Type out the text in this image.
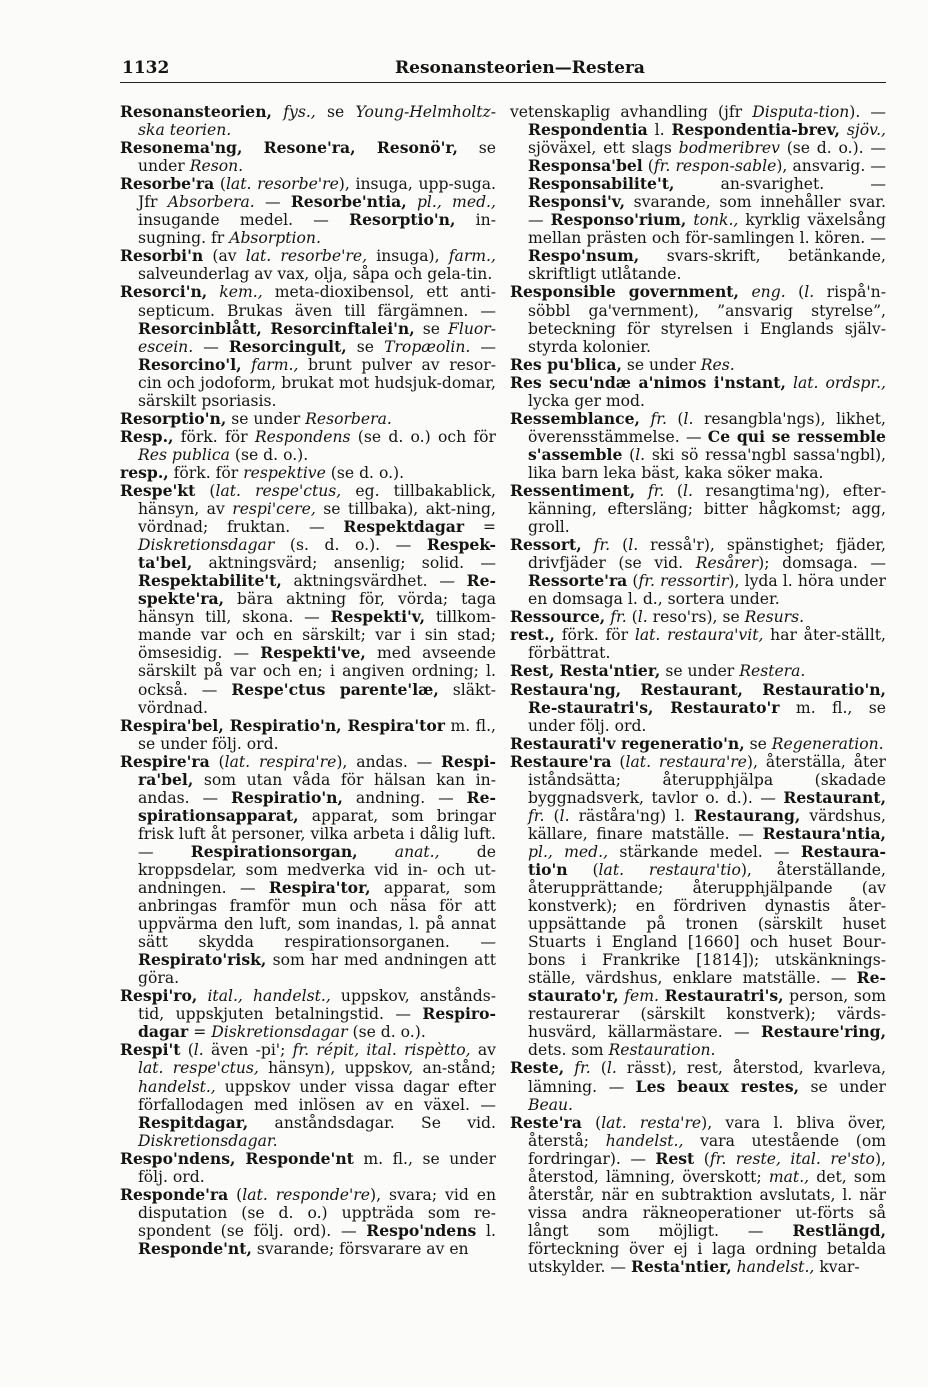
1132	Resonansteorien—Restera

Resonansteorien, fys., se Young-Helmholtz-ska teorien.

Resonema'ng, Resone'ra, Resonö'r, se under Reson.

Resorbe'ra (lat. resorbe're), insuga, upp-suga. Jfr Absorbera. — Resorbe'ntia, pl., med., insugande medel. — Resorptio'n, in-sugning. fr Absorption.

Resorbi'n (av lat. resorbe're, insuga), farm., salveunderlag av vax, olja, såpa och gela-tin.

Resorci'n, kem., meta-dioxibensol, ett anti-septicum. Brukas även till färgämnen. — Resorcinblått, Resorcinftalei'n, se Fluor-escein. — Resorcingult, se Tropæolin. — Resorcino'l, farm., brunt pulver av resor-cin och jodoform, brukat mot hudsjuk-domar, särskilt psoriasis.

Resorptio'n, se under Resorbera.

Resp., förk. för Respondens (se d. o.) och för Res publica (se d. o.).

resp., förk. för respektive (se d. o.).

Respe'kt (lat. respe'ctus, eg. tillbakablick, hänsyn, av respi'cere, se tillbaka), akt-ning, vördnad; fruktan. — Respektdagar = Diskretionsdagar (s. d. o.). — Respek-ta'bel, aktningsvärd; ansenlig; solid. — Respektabilite't, aktningsvärdhet. — Re-spekte'ra, bära aktning för, vörda; taga hänsyn till, skona. — Respekti'v, tillkom-mande var och en särskilt; var i sin stad; ömsesidig. — Respekti've, med avseende särskilt på var och en; i angiven ordning; l. också. — Respe'ctus parente'læ, släkt-vördnad.

Respira'bel, Respiratio'n, Respira'tor m. fl., se under följ. ord.

Respire'ra (lat. respira're), andas. — Respi-ra'bel, som utan våda för hälsan kan in-andas. — Respiratio'n, andning. — Re-spirationsapparat, apparat, som bringar frisk luft åt personer, vilka arbeta i dålig luft. — Respirationsorgan, anat., de kroppsdelar, som medverka vid in- och ut-andningen. — Respira'tor, apparat, som anbringas framför mun och näsa för att uppvärma den luft, som inandas, l. på annat sätt skydda respirationsorganen. — Respirato'risk, som har med andningen att göra.

Respi'ro, ital., handelst., uppskov, anstånds-tid, uppskjuten betalningstid. — Respiro-dagar = Diskretionsdagar (se d. o.).

Respi't (l. även -pi'; fr. répit, ital. rispètto, av lat. respe'ctus, hänsyn), uppskov, an-stånd; handelst., uppskov under vissa dagar efter förfallodagen med inlösen av en växel. — Respitdagar, anståndsdagar. Se vid. Diskretionsdagar.

Respo'ndens, Responde'nt m. fl., se under följ. ord.

Responde'ra (lat. responde're), svara; vid en disputation (se d. o.) uppträda som re-spondent (se följ. ord). — Respo'ndens l. Responde'nt, svarande; försvarare av en

vetenskaplig avhandling (jfr Disputa-tion). — Respondentia l. Respondentia-brev, sjöv., sjöväxel, ett slags bodmeribrev (se d. o.). — Responsa'bel (fr. respon-sable), ansvarig. — Responsabilite't, an-svarighet. — Responsi'v, svarande, som innehåller svar. — Responso'rium, tonk., kyrklig växelsång mellan prästen och för-samlingen l. kören. — Respo'nsum, svars-skrift, betänkande, skriftligt utlåtande.

Responsible government, eng. (l. rispå'n-söbbl ga'vernment), ”ansvarig styrelse”, beteckning för styrelsen i Englands själv-styrda kolonier.

Res pu'blica, se under Res.

Res secu'ndæ a'nimos i'nstant, lat. ordspr., lycka ger mod.

Ressemblance, fr. (l. resangbla'ngs), likhet, överensstämmelse. — Ce qui se ressemble s'assemble (l. ski sö ressa'ngbl sassa'ngbl), lika barn leka bäst, kaka söker maka.

Ressentiment, fr. (l. resangtima'ng), efter-känning, eftersläng; bitter hågkomst; agg, groll.

Ressort, fr. (l. resså'r), spänstighet; fjäder, drivfjäder (se vid. Resårer); domsaga. — Ressorte'ra (fr. ressortir), lyda l. höra under en domsaga l. d., sortera under.

Ressource, fr. (l. reso'rs), se Resurs.

rest., förk. för lat. restaura'vit, har åter-ställt, förbättrat.

Rest, Resta'ntier, se under Restera.

Restaura'ng, Restaurant, Restauratio'n, Re-stauratri's, Restaurato'r m. fl., se under följ. ord.

Restaurati'v regeneratio'n, se Regeneration.

Restaure'ra (lat. restaura're), återställa, åter iståndsätta; återupphjälpa (skadade byggnadsverk, tavlor o. d.). — Restaurant, fr. (l. räståra'ng) l. Restaurang, värdshus, källare, finare matställe. — Restaura'ntia, pl., med., stärkande medel. — Restaura-tio'n (lat. restaura'tio), återställande, återupprättande; återupphjälpande (av konstverk); en fördriven dynastis åter-uppsättande på tronen (särskilt huset Stuarts i England [1660] och huset Bour-bons i Frankrike [1814]); utskänknings-ställe, värdshus, enklare matställe. — Re-staurato'r, fem. Restauratri's, person, som restaurerar (särskilt konstverk); värds-husvärd, källarmästare. — Restaure'ring, dets. som Restauration.

Reste, fr. (l. rässt), rest, återstod, kvarleva, lämning. — Les beaux restes, se under Beau.

Reste'ra (lat. resta're), vara l. bliva över, återstå; handelst., vara utestående (om fordringar). — Rest (fr. reste, ital. re'sto), återstod, lämning, överskott; mat., det, som återstår, när en subtraktion avslutats, l. när vissa andra räkneoperationer ut-förts så långt som möjligt. — Restlängd, förteckning över ej i laga ordning betalda utskylder. — Resta'ntier, handelst., kvar-
